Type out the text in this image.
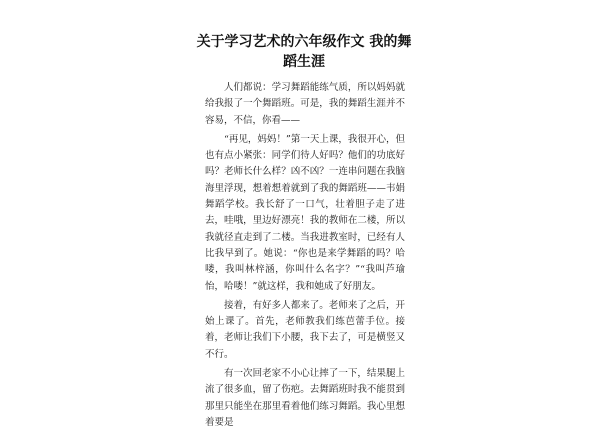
关于学习艺术的六年级作文 我的舞蹈生涯

人们都说：学习舞蹈能练气质，所以妈妈就给我报了一个舞蹈班。可是，我的舞蹈生涯并不容易，不信，你看——

“再见，妈妈！”第一天上课，我很开心，但也有点小紧张：同学们待人好吗？他们的功底好吗？老师长什么样？凶不凶？一连串问题在我脑海里浮现，想着想着就到了我的舞蹈班——韦娟舞蹈学校。我长舒了一口气，壮着胆子走了进去，哇哦，里边好漂亮！我的教师在二楼，所以我就径直走到了二楼。当我进教室时，已经有人比我早到了。她说：“你也是来学舞蹈的吗？哈喽，我叫林梓涵，你叫什么名字？”“我叫芦瑜怡，哈喽！”就这样，我和她成了好朋友。

接着，有好多人都来了。老师来了之后，开始上课了。首先，老师教我们练芭蕾手位。接着，老师让我们下小腰，我下去了，可是横竖又不行。

有一次回老家不小心让摔了一下，结果腿上流了很多血，留了伤疤。去舞蹈班时我不能贯到那里只能坐在那里看着他们练习舞蹈。我心里想着要是
